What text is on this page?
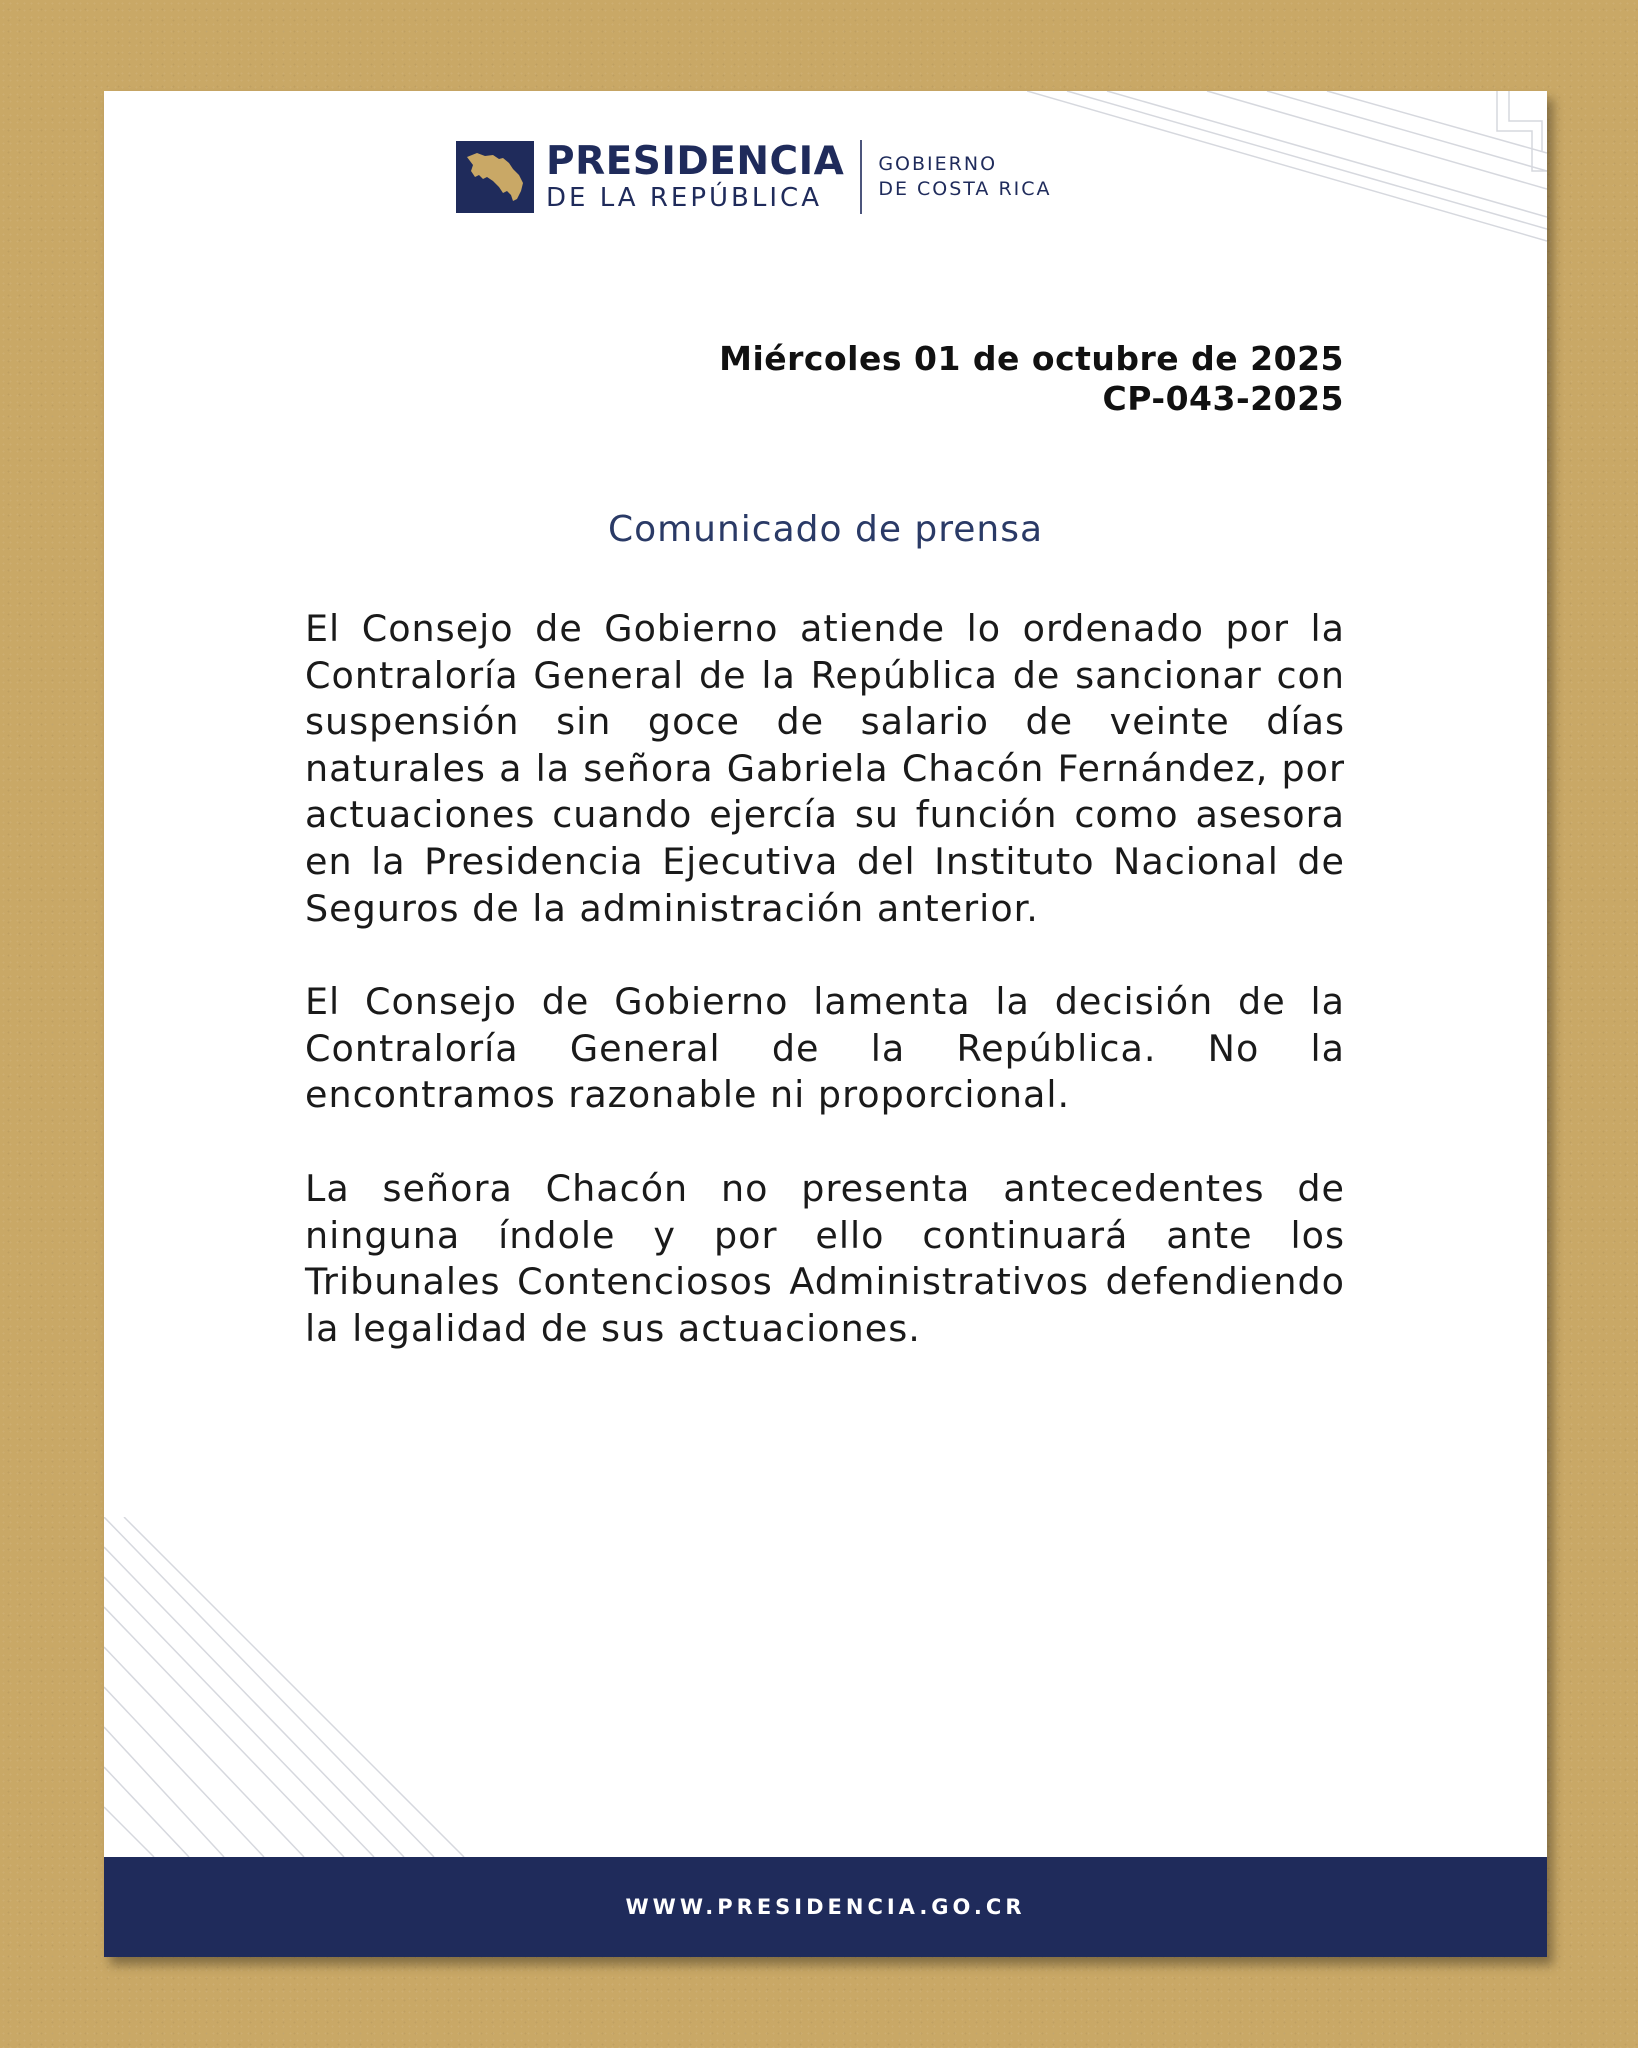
PRESIDENCIA
DE LA REPÚBLICA
GOBIERNO
DE COSTA RICA
Miércoles 01 de octubre de 2025
CP-043-2025
Comunicado de prensa

El Consejo de Gobierno atiende lo ordenado por la Contraloría General de la República de sancionar con suspensión sin goce de salario de veinte días naturales a la señora Gabriela Chacón Fernández, por actuaciones cuando ejercía su función como asesora en la Presidencia Ejecutiva del Instituto Nacional de Seguros de la administración anterior.

El Consejo de Gobierno lamenta la decisión de la Contraloría General de la República. No la encontramos razonable ni proporcional.

La señora Chacón no presenta antecedentes de ninguna índole y por ello continuará ante los Tribunales Contenciosos Administrativos defendiendo la legalidad de sus actuaciones.

WWW.PRESIDENCIA.GO.CR
